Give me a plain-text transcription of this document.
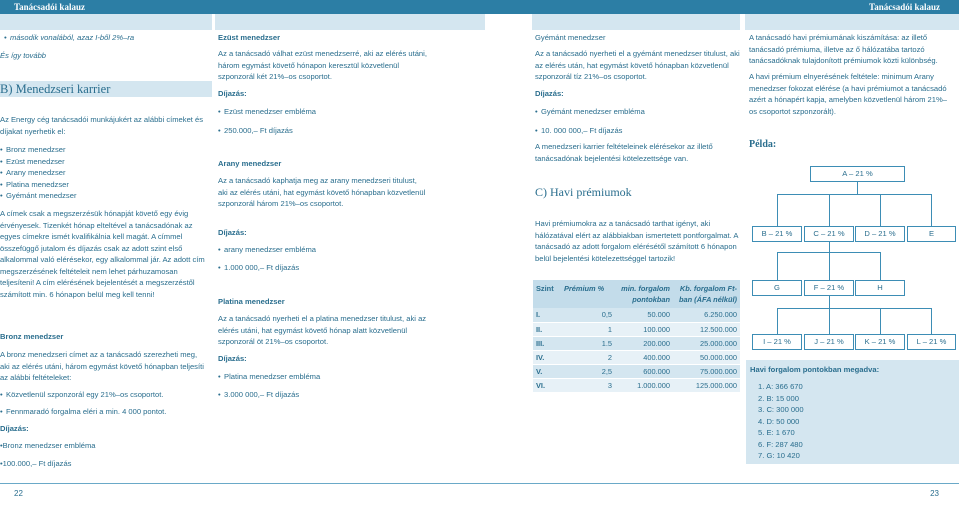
Tanácsadói kalauz	Tanácsadói kalauz
• második vonalából, azaz I-ből 2%–ra
És így tovább
B) Menedzseri karrier
Az Energy cég tanácsadói munkájukért az alábbi címeket és díjakat nyerhetik el:
• Bronz menedzser
• Ezüst menedzser
• Arany menedzser
• Platina menedzser
• Gyémánt menedzser
A címek csak a megszerzésük hónapját követő egy évig érvényesek. Tizenkét hónap elteltével a tanácsadónak az egyes címekre ismét kvalifikálnia kell magát. A címmel összefüggő jutalom és díjazás csak az adott szint első alkalommal való elérésekor, egy alkalommal jár. Az adott cím megszerzésének feltételeit nem lehet párhuzamosan teljesíteni! A cím elérésének bejelentését a megszerzéstől számított min. 6 hónapon belül meg kell tenni!
Bronz menedzser
A bronz menedzseri címet az a tanácsadó szerezheti meg, aki az elérés utáni, három egymást követő hónapban teljesíti az alábbi feltételeket:
• Közvetlenül szponzorál egy 21%–os csoportot.
• Fennmaradó forgalma eléri a min. 4 000 pontot.
Díjazás:
•Bronz menedzser embléma
•100.000,– Ft díjazás
Ezüst menedzser
Az a tanácsadó válhat ezüst menedzserré, aki az elérés utáni, három egymást követő hónapon keresztül közvetlenül szponzorál két 21%–os csoportot.
Díjazás:
• Ezüst menedzser embléma
• 250.000,– Ft díjazás
Arany menedzser
Az a tanácsadó kaphatja meg az arany menedzseri titulust, aki az elérés utáni, hat egymást követő hónapban közvetlenül szponzorál három 21%–os csoportot.
Díjazás:
• arany menedzser embléma
• 1.000 000,– Ft díjazás
Platina menedzser
Az a tanácsadó nyerheti el a platina menedzser titulust, aki az elérés utáni, hat egymást követő hónap alatt közvetlenül szponzorál öt 21%–os csoportot.
Díjazás:
• Platina menedzser embléma
• 3.000 000,– Ft díjazás
Gyémánt menedzser
Az a tanácsadó nyerheti el a gyémánt menedzser titulust, aki az elérés után, hat egymást követő hónapban közvetlenül szponzorál tíz 21%–os csoportot.
Díjazás:
• Gyémánt menedzser embléma
• 10. 000 000,– Ft díjazás
A menedzseri karrier feltételeinek elérésekor az illető tanácsadónak bejelentési kötelezettsége van.
C) Havi prémiumok
Havi prémiumokra az a tanácsadó tarthat igényt, aki hálózatával elért az alábbiakban ismertetett pontforgalmat. A tanácsadó az adott forgalom elérésétől számított 6 hónapon belül bejelentési kötelezettséggel tartozik!
Szint	Prémium %	min. forgalom pontokban	Kb. forgalom Ft-ban (ÁFA nélkül)
I.	0,5	50.000	6.250.000
II.	1	100.000	12.500.000
III.	1.5	200.000	25.000.000
IV.	2	400.000	50.000.000
V.	2,5	600.000	75.000.000
VI.	3	1.000.000	125.000.000
A tanácsadó havi prémiumának kiszámítása: az illető tanácsadó prémiuma, illetve az ő hálózatába tartozó tanácsadóknak tulajdonított prémiumok közti különbség.
A havi prémium elnyerésének feltétele: minimum Arany menedzser fokozat elérése (a havi prémiumot a tanácsadó azért a hónapért kapja, amelyben közvetlenül három 21%–os csoportot szponzorált).
Példa:
A – 21 %
B – 21 %	C – 21 %	D – 21 %	E
G	F – 21 %	H
I – 21 %	J – 21 %	K – 21 %	L – 21 %
Havi forgalom pontokban megadva:
1. A: 366 670
2. B: 15 000
3. C: 300 000
4. D: 50 000
5. E: 1 670
6. F: 287 480
7. G: 10 420
22	23
